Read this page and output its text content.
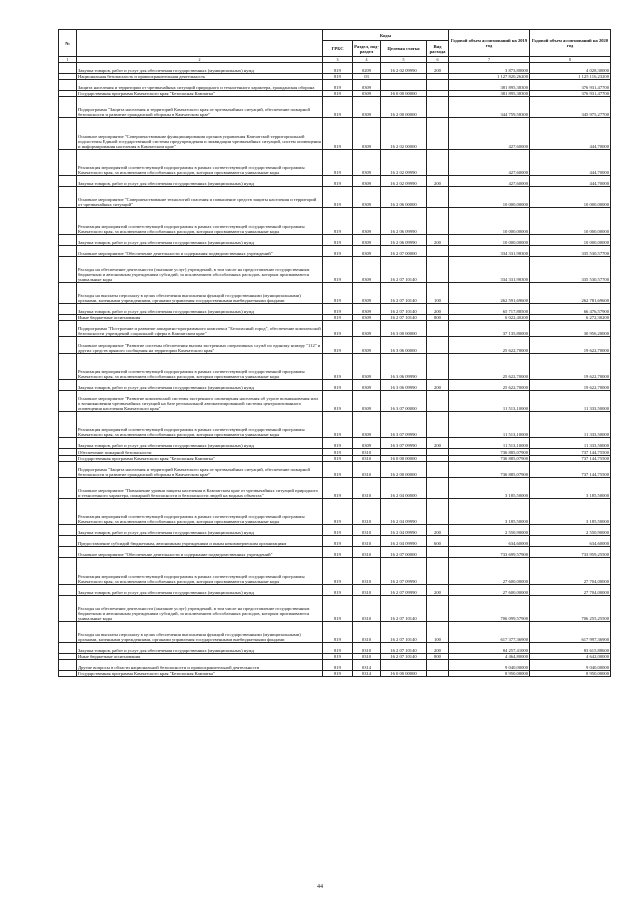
№		Коды				Годовой объем ассигнований на 2019 год	Годовой объем ассигнований на 2020 год
		ГРБС	Раздел, под-раздел	Целевая статья	Вид расхода		
1	2	3	4	5	6	7	8
	Закупка товаров, работ и услуг для обеспечения государственных (муниципальных) нужд	819	0209	16 2 02 09990	200	3 873,80000	4 028,30000
	Национальная безопасность и правоохранительная деятельность	819	03			1 127 820,26200	1 125 116,23200
	Защита населения и территории от чрезвычайных ситуаций природного и техногенного характера, гражданская оборона	819	0309			381 895,38300	376 931,47700
	Государственная программа Камчатского края "Безопасная Камчатка"	819	0309	16 0 00 00000		381 895,38300	376 931,47700
	Подпрограмма "Защита населения и территорий Камчатского края от чрезвычайных ситуаций, обеспечение пожарной безопасности и развитие гражданской обороны в Камчатском крае"	819	0309	16 2 00 00000		344 759,58300	345 975,27700
	Основное мероприятие "Совершенствование функционирования органов управления Камчатской территориальной подсистемы Единой государственной системы предупреждения и ликвидации чрезвычайных ситуаций, систем оповещения и информирования населения в Камчатском крае"	819	0309	16 2 02 00000		427,60000	444,70000
	Реализация мероприятий соответствующей подпрограммы в рамках соответствующей государственной программы Камчатского края, за исключением обособленных расходов, которым присваиваются уникальные коды	819	0309	16 2 02 09990		427,60000	444,70000
	Закупка товаров, работ и услуг для обеспечения государственных (муниципальных) нужд	819	0309	16 2 02 09990	200	427,60000	444,70000
	Основное мероприятие "Совершенствование технологий спасения и повышение средств защиты населения и территорий от чрезвычайных ситуаций"	819	0309	16 2 06 00000		10 000,00000	10 000,00000
	Реализация мероприятий соответствующей подпрограммы в рамках соответствующей государственной программы Камчатского края, за исключением обособленных расходов, которым присваиваются уникальные коды	819	0309	16 2 06 09990		10 000,00000	10 000,00000
	Закупка товаров, работ и услуг для обеспечения государственных (муниципальных) нужд	819	0309	16 2 06 09990	200	10 000,00000	10 000,00000
	Основное мероприятие "Обеспечение деятельности и содержания подведомственных учреждений"	819	0309	16 2 07 00000		334 331,98300	335 530,57700
	Расходы на обеспечение деятельности (оказание услуг) учреждений, в том числе на предоставление государственным бюджетным и автономным учреждениям субсидий, за исключением обособленных расходов, которым присваиваются уникальные коды	819	0309	16 2 07 10140		334 331,98300	335 530,57700
	Расходы на выплаты персоналу в целях обеспечения выполнения функций государственными (муниципальными) органами, казенными учреждениями, органами управления государственными внебюджетными фондами	819	0309	16 2 07 10140	100	262 591,69600	262 781,69600
	Закупка товаров, работ и услуг для обеспечения государственных (муниципальных) нужд	819	0309	16 2 07 10140	200	65 717,88500	66 476,57900
	Иные бюджетные ассигнования	819	0309	16 2 07 10140	800	6 022,40200	6 272,30200
	Подпрограмма "Построение и развитие аппаратно-программного комплекса "Безопасный город", обеспечение комплексной безопасности учреждений социальной сферы в Камчатском крае"	819	0309	16 3 00 00000		37 135,80000	30 956,20000
	Основное мероприятие "Развитие системы обеспечения вызова экстренных оперативных служб по единому номеру "112" и других средств прямого сообщения на территории Камчатского края"	819	0309	16 3 06 00000		25 622,70000	19 622,70000
	Реализация мероприятий соответствующей подпрограммы в рамках соответствующей государственной программы Камчатского края, за исключением обособленных расходов, которым присваиваются уникальные коды	819	0309	16 3 06 09990		25 622,70000	19 622,70000
	Закупка товаров, работ и услуг для обеспечения государственных (муниципальных) нужд	819	0309	16 3 06 09990	200	25 622,70000	19 622,70000
	Основное мероприятие "Развитие комплексной системы экстренного оповещения населения об угрозе возникновения или о возникновении чрезвычайных ситуаций на базе региональной автоматизированной системы централизованного оповещения населения Камчатского края"	819	0309	16 3 07 00000		11 513,10000	11 333,50000
	Реализация мероприятий соответствующей подпрограммы в рамках соответствующей государственной программы Камчатского края, за исключением обособленных расходов, которым присваиваются уникальные коды	819	0309	16 3 07 09990		11 513,10000	11 333,50000
	Закупка товаров, работ и услуг для обеспечения государственных (муниципальных) нужд	819	0309	16 3 07 09990	200	11 513,10000	11 333,50000
	Обеспечение пожарной безопасности	819	0310			736 885,07900	737 144,75500
	Государственная программа Камчатского края "Безопасная Камчатка"	819	0310	16 0 00 00000		736 885,07900	737 144,75500
	Подпрограмма "Защита населения и территорий Камчатского края от чрезвычайных ситуаций, обеспечение пожарной безопасности и развитие гражданской обороны в Камчатском крае"	819	0310	16 2 00 00000		736 885,07900	737 144,75500
	Основное мероприятие "Повышение уровня защиты населения в Камчатском крае от чрезвычайных ситуаций природного и техногенного характера, пожарной безопасности и безопасности людей на водных объектах"	819	0310	16 2 04 00000		3 185,50000	3 185,50000
	Реализация мероприятий соответствующей подпрограммы в рамках соответствующей государственной программы Камчатского края, за исключением обособленных расходов, которым присваиваются уникальные коды	819	0310	16 2 04 09990		3 185,50000	3 185,50000
	Закупка товаров, работ и услуг для обеспечения государственных (муниципальных) нужд	819	0310	16 2 04 09990	200	2 550,90000	2 550,90000
	Предоставление субсидий бюджетным, автономным учреждениям и иным некоммерческим организациям	819	0310	16 2 04 09990	600	634,60000	634,60000
	Основное мероприятие "Обеспечение деятельности и содержание подведомственных учреждений"	819	0310	16 2 07 00000		733 699,57900	733 959,25500
	Реализация мероприятий соответствующей подпрограммы в рамках соответствующей государственной программы Камчатского края, за исключением обособленных расходов, которым присваиваются уникальные коды	819	0310	16 2 07 09990		27 600,00000	27 704,00000
	Закупка товаров, работ и услуг для обеспечения государственных (муниципальных) нужд	819	0310	16 2 07 09990	200	27 600,00000	27 704,00000
	Расходы на обеспечение деятельности (оказание услуг) учреждений, в том числе на предоставление государственным бюджетным и автономным учреждениям субсидий, за исключением обособленных расходов, которым присваиваются уникальные коды	819	0310	16 2 07 10140		706 099,57900	706 255,25500
	Расходы на выплаты персоналу в целях обеспечения выполнения функций государственными (муниципальными) органами, казенными учреждениями, органами управления государственными внебюджетными фондами	819	0310	16 2 07 10140	100	617 377,36900	617 997,36900
	Закупка товаров, работ и услуг для обеспечения государственных (муниципальных) нужд	819	0310	16 2 07 10140	200	84 257,41000	83 615,88600
	Иные бюджетные ассигнования	819	0310	16 2 07 10140	800	4 464,80000	4 642,00000
	Другие вопросы в области национальной безопасности и правоохранительной деятельности	819	0314			9 040,00000	9 040,00000
	Государственная программа Камчатского края "Безопасная Камчатка"	819	0314	16 0 00 00000		8 950,00000	8 950,00000
44
